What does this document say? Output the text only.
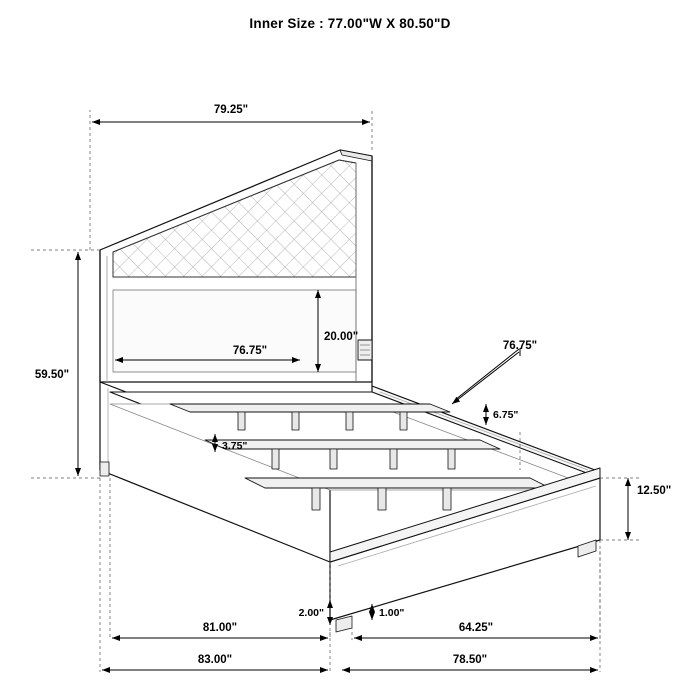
Inner Size : 77.00"W X 80.50"D
79.25"
59.50"
20.00"
76.75"	76.75"
3.75"
6.75"
12.50"
2.00"	1.00"
81.00"	64.25"
83.00"	78.50"
